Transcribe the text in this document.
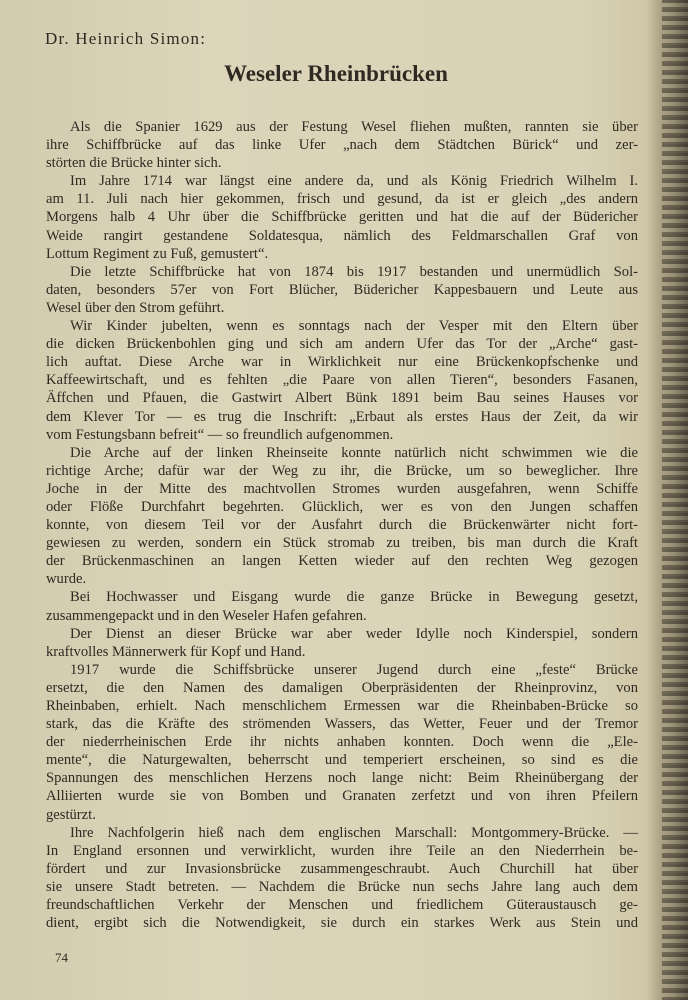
Dr. Heinrich Simon:
Weseler Rheinbrücken
Als die Spanier 1629 aus der Festung Wesel fliehen mußten, rannten sie über
ihre Schiffbrücke auf das linke Ufer „nach dem Städtchen Bürick“ und zer-
störten die Brücke hinter sich.
Im Jahre 1714 war längst eine andere da, und als König Friedrich Wilhelm I.
am 11. Juli nach hier gekommen, frisch und gesund, da ist er gleich „des andern
Morgens halb 4 Uhr über die Schiffbrücke geritten und hat die auf der Büdericher
Weide rangirt gestandene Soldatesqua, nämlich des Feldmarschallen Graf von
Lottum Regiment zu Fuß, gemustert“.
Die letzte Schiffbrücke hat von 1874 bis 1917 bestanden und unermüdlich Sol-
daten, besonders 57er von Fort Blücher, Büdericher Kappesbauern und Leute aus
Wesel über den Strom geführt.
Wir Kinder jubelten, wenn es sonntags nach der Vesper mit den Eltern über
die dicken Brückenbohlen ging und sich am andern Ufer das Tor der „Arche“ gast-
lich auftat. Diese Arche war in Wirklichkeit nur eine Brückenkopfschenke und
Kaffeewirtschaft, und es fehlten „die Paare von allen Tieren“, besonders Fasanen,
Äffchen und Pfauen, die Gastwirt Albert Bünk 1891 beim Bau seines Hauses vor
dem Klever Tor — es trug die Inschrift: „Erbaut als erstes Haus der Zeit, da wir
vom Festungsbann befreit“ — so freundlich aufgenommen.
Die Arche auf der linken Rheinseite konnte natürlich nicht schwimmen wie die
richtige Arche; dafür war der Weg zu ihr, die Brücke, um so beweglicher. Ihre
Joche in der Mitte des machtvollen Stromes wurden ausgefahren, wenn Schiffe
oder Flöße Durchfahrt begehrten. Glücklich, wer es von den Jungen schaffen
konnte, von diesem Teil vor der Ausfahrt durch die Brückenwärter nicht fort-
gewiesen zu werden, sondern ein Stück stromab zu treiben, bis man durch die Kraft
der Brückenmaschinen an langen Ketten wieder auf den rechten Weg gezogen
wurde.
Bei Hochwasser und Eisgang wurde die ganze Brücke in Bewegung gesetzt,
zusammengepackt und in den Weseler Hafen gefahren.
Der Dienst an dieser Brücke war aber weder Idylle noch Kinderspiel, sondern
kraftvolles Männerwerk für Kopf und Hand.
1917 wurde die Schiffsbrücke unserer Jugend durch eine „feste“ Brücke
ersetzt, die den Namen des damaligen Oberpräsidenten der Rheinprovinz, von
Rheinbaben, erhielt. Nach menschlichem Ermessen war die Rheinbaben-Brücke so
stark, das die Kräfte des strömenden Wassers, das Wetter, Feuer und der Tremor
der niederrheinischen Erde ihr nichts anhaben konnten. Doch wenn die „Ele-
mente“, die Naturgewalten, beherrscht und temperiert erscheinen, so sind es die
Spannungen des menschlichen Herzens noch lange nicht: Beim Rheinübergang der
Alliierten wurde sie von Bomben und Granaten zerfetzt und von ihren Pfeilern
gestürzt.
Ihre Nachfolgerin hieß nach dem englischen Marschall: Montgommery-Brücke. —
In England ersonnen und verwirklicht, wurden ihre Teile an den Niederrhein be-
fördert und zur Invasionsbrücke zusammengeschraubt. Auch Churchill hat über
sie unsere Stadt betreten. — Nachdem die Brücke nun sechs Jahre lang auch dem
freundschaftlichen Verkehr der Menschen und friedlichem Güteraustausch ge-
dient, ergibt sich die Notwendigkeit, sie durch ein starkes Werk aus Stein und
74
